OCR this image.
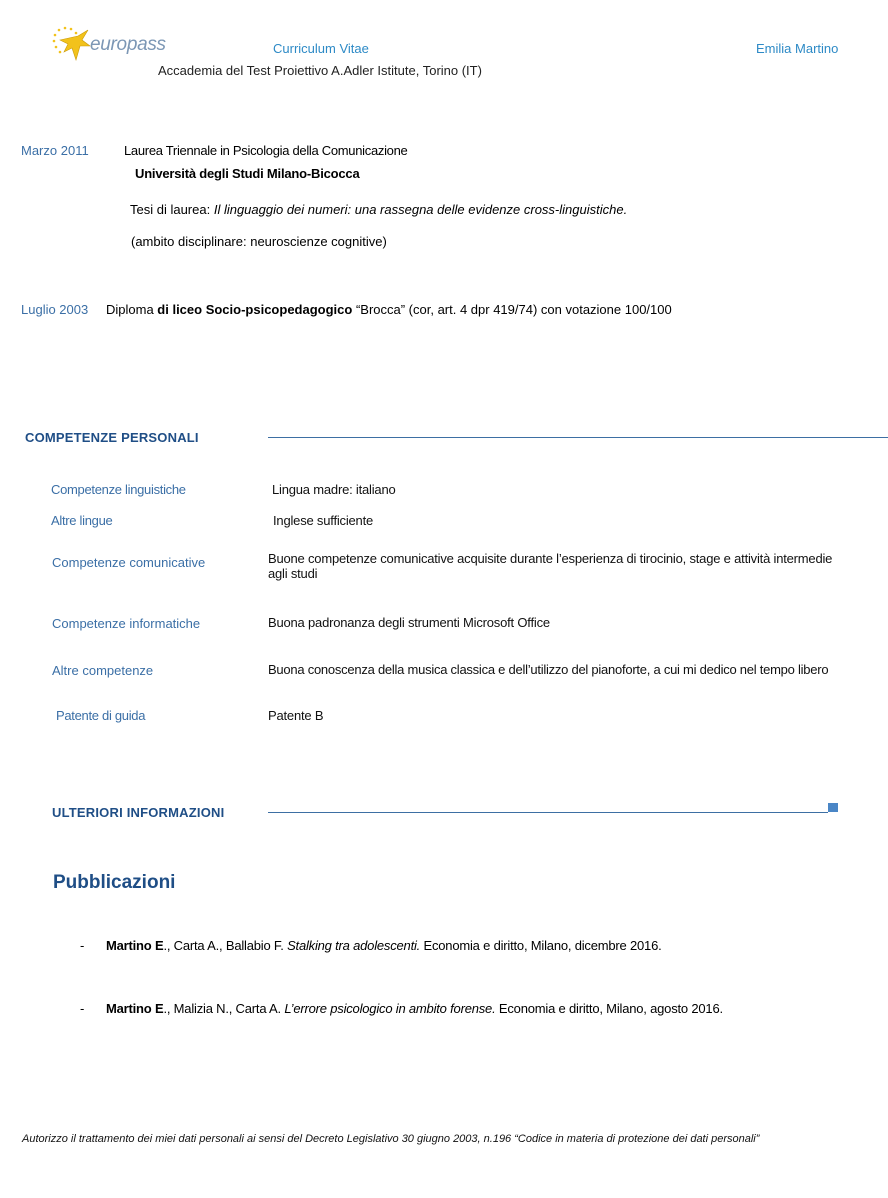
europass	Curriculum Vitae	Emilia Martino
Accademia del Test Proiettivo A.Adler Istitute, Torino (IT)
Marzo 2011	Laurea Triennale in Psicologia della Comunicazione
Università degli Studi Milano-Bicocca
Tesi di laurea: Il linguaggio dei numeri: una rassegna delle evidenze cross-linguistiche.
(ambito disciplinare: neuroscienze cognitive)
Luglio 2003 Diploma di liceo Socio-psicopedagogico “Brocca” (cor, art. 4 dpr 419/74) con votazione 100/100
COMPETENZE PERSONALI
Competenze linguistiche	Lingua madre: italiano
Altre lingue	Inglese sufficiente
Competenze comunicative	Buone competenze comunicative acquisite durante l’esperienza di tirocinio, stage e attività intermedie agli studi
Competenze informatiche	Buona padronanza degli strumenti Microsoft Office
Altre competenze	Buona conoscenza della musica classica e dell’utilizzo del pianoforte, a cui mi dedico nel tempo libero
Patente di guida	Patente B
ULTERIORI INFORMAZIONI
Pubblicazioni
- Martino E., Carta A., Ballabio F. Stalking tra adolescenti. Economia e diritto, Milano, dicembre 2016.
- Martino E., Malizia N., Carta A. L’errore psicologico in ambito forense. Economia e diritto, Milano, agosto 2016.
Autorizzo il trattamento dei miei dati personali ai sensi del Decreto Legislativo 30 giugno 2003, n.196 “Codice in materia di protezione dei dati personali”
